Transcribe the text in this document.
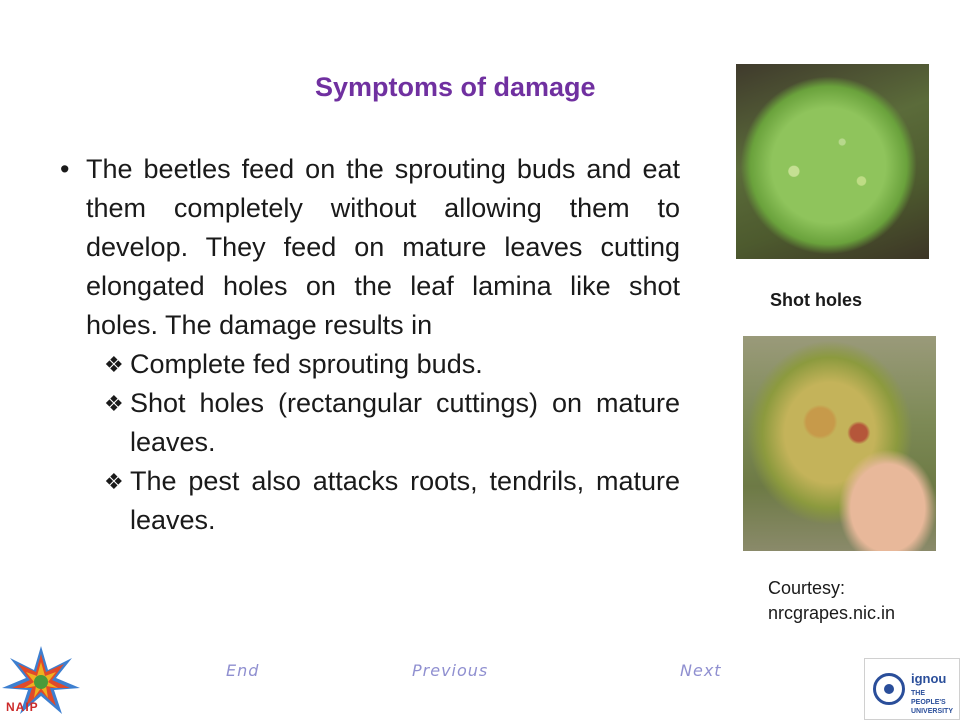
Symptoms of damage

• The beetles feed on the sprouting buds and eat them completely without allowing them to develop. They feed on mature leaves cutting elongated holes on the leaf lamina like shot holes. The damage results in

❖ Complete fed sprouting buds.

❖ Shot holes (rectangular cuttings) on mature leaves.

❖ The pest also attacks roots, tendrils, mature leaves.

Shot holes
Courtesy:
nrcgrapes.nic.in
End	Previous	Next
NAIP
ignou
THE PEOPLE'S
UNIVERSITY
